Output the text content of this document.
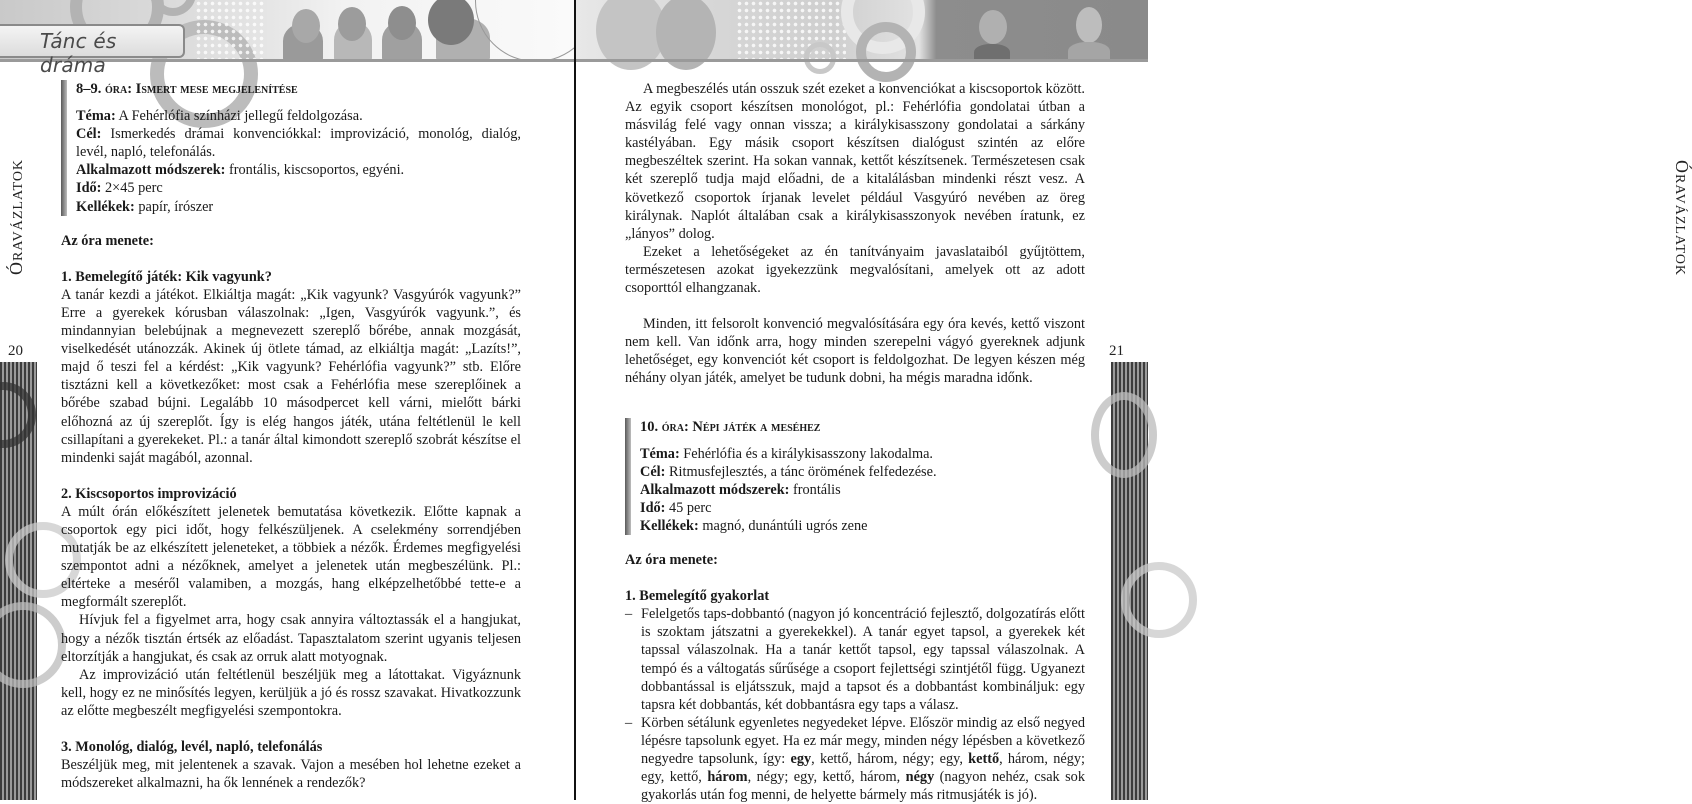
Tánc és dráma
ÓRAVÁZLATOK
20
8–9. óra: Ismert mese megjelenítése

Téma: A Fehérlófia színházi jellegű feldolgozása.

Cél: Ismerkedés drámai konvenciókkal: improvizáció, monológ, dialóg, levél, napló, telefonálás.

Alkalmazott módszerek: frontális, kiscsoportos, egyéni.

Idő: 2×45 perc

Kellékek: papír, írószer

Az óra menete:

1. Bemelegítő játék: Kik vagyunk?

A tanár kezdi a játékot. Elkiáltja magát: „Kik vagyunk? Vasgyúrók vagyunk?” Erre a gyerekek kórusban válaszolnak: „Igen, Vasgyúrók vagyunk.”, és mindannyian belebújnak a megnevezett szereplő bőrébe, annak mozgását, viselkedését utánozzák. Akinek új ötlete támad, az elkiáltja magát: „Lazíts!”, majd ő teszi fel a kérdést: „Kik vagyunk? Fehérlófia vagyunk?” stb. Előre tisztázni kell a következőket: most csak a Fehérlófia mese szereplőinek a bőrébe szabad bújni. Legalább 10 másodpercet kell várni, mielőtt bárki előhozná az új szereplőt. Így is elég hangos játék, utána feltétlenül le kell csillapítani a gyerekeket. Pl.: a tanár által kimondott szereplő szobrát készítse el mindenki saját magából, azonnal.

2. Kiscsoportos improvizáció

A múlt órán előkészített jelenetek bemutatása következik. Előtte kapnak a csoportok egy pici időt, hogy felkészüljenek. A cselekmény sorrendjében mutatják be az elkészített jeleneteket, a többiek a nézők. Érdemes megfigyelési szempontot adni a nézőknek, amelyet a jelenetek után megbeszélünk. Pl.: eltérteke a meséről valamiben, a mozgás, hang elképzelhetőbbé tette-e a megformált szereplőt.

Hívjuk fel a figyelmet arra, hogy csak annyira változtassák el a hangjukat, hogy a nézők tisztán értsék az előadást. Tapasztalatom szerint ugyanis teljesen eltorzítják a hangjukat, és csak az orruk alatt motyognak.

Az improvizáció után feltétlenül beszéljük meg a látottakat. Vigyáznunk kell, hogy ez ne minősítés legyen, kerüljük a jó és rossz szavakat. Hivatkozzunk az előtte megbeszélt megfigyelési szempontokra.

3. Monológ, dialóg, levél, napló, telefonálás

Beszéljük meg, mit jelentenek a szavak. Vajon a mesében hol lehetne ezeket a módszereket alkalmazni, ha ők lennének a rendezők?

ÓRAVÁZLATOK
21

A megbeszélés után osszuk szét ezeket a konvenciókat a kiscsoportok között. Az egyik csoport készítsen monológot, pl.: Fehérlófia gondolatai útban a másvilág felé vagy onnan vissza; a királykisasszony gondolatai a sárkány kastélyában. Egy másik csoport készítsen dialógust szintén az előre megbeszéltek szerint. Ha sokan vannak, kettőt készítsenek. Természetesen csak két szereplő tudja majd előadni, de a kitalálásban mindenki részt vesz. A következő csoportok írjanak levelet például Vasgyúró nevében az öreg királynak. Naplót általában csak a királykisasszonyok nevében íratunk, ez „lányos” dolog.

Ezeket a lehetőségeket az én tanítványaim javaslataiból gyűjtöttem, természetesen azokat igyekezzünk megvalósítani, amelyek ott az adott csoporttól elhangzanak.

Minden, itt felsorolt konvenció megvalósítására egy óra kevés, kettő viszont nem kell. Van időnk arra, hogy minden szerepelni vágyó gyereknek adjunk lehetőséget, egy konvenciót két csoport is feldolgozhat. De legyen készen még néhány olyan játék, amelyet be tudunk dobni, ha mégis maradna időnk.

10. óra: Népi játék a meséhez

Téma: Fehérlófia és a királykisasszony lakodalma.

Cél: Ritmusfejlesztés, a tánc örömének felfedezése.

Alkalmazott módszerek: frontális

Idő: 45 perc

Kellékek: magnó, dunántúli ugrós zene

Az óra menete:

1. Bemelegítő gyakorlat

– Felelgetős taps-dobbantó (nagyon jó koncentráció fejlesztő, dolgozatírás előtt is szoktam játszatni a gyerekekkel). A tanár egyet tapsol, a gyerekek két tapssal válaszolnak. Ha a tanár kettőt tapsol, egy tapssal válaszolnak. A tempó és a váltogatás sűrűsége a csoport fejlettségi szintjétől függ. Ugyanezt dobbantással is eljátsszuk, majd a tapsot és a dobbantást kombináljuk: egy tapsra két dobbantás, két dobbantásra egy taps a válasz.

– Körben sétálunk egyenletes negyedeket lépve. Először mindig az első negyed lépésre tapsolunk egyet. Ha ez már megy, minden négy lépésben a következő negyedre tapsolunk, így: egy, kettő, három, négy; egy, kettő, három, négy; egy, kettő, három, négy; egy, kettő, három, négy (nagyon nehéz, csak sok gyakorlás után fog menni, de helyette bármely más ritmusjáték is jó).
